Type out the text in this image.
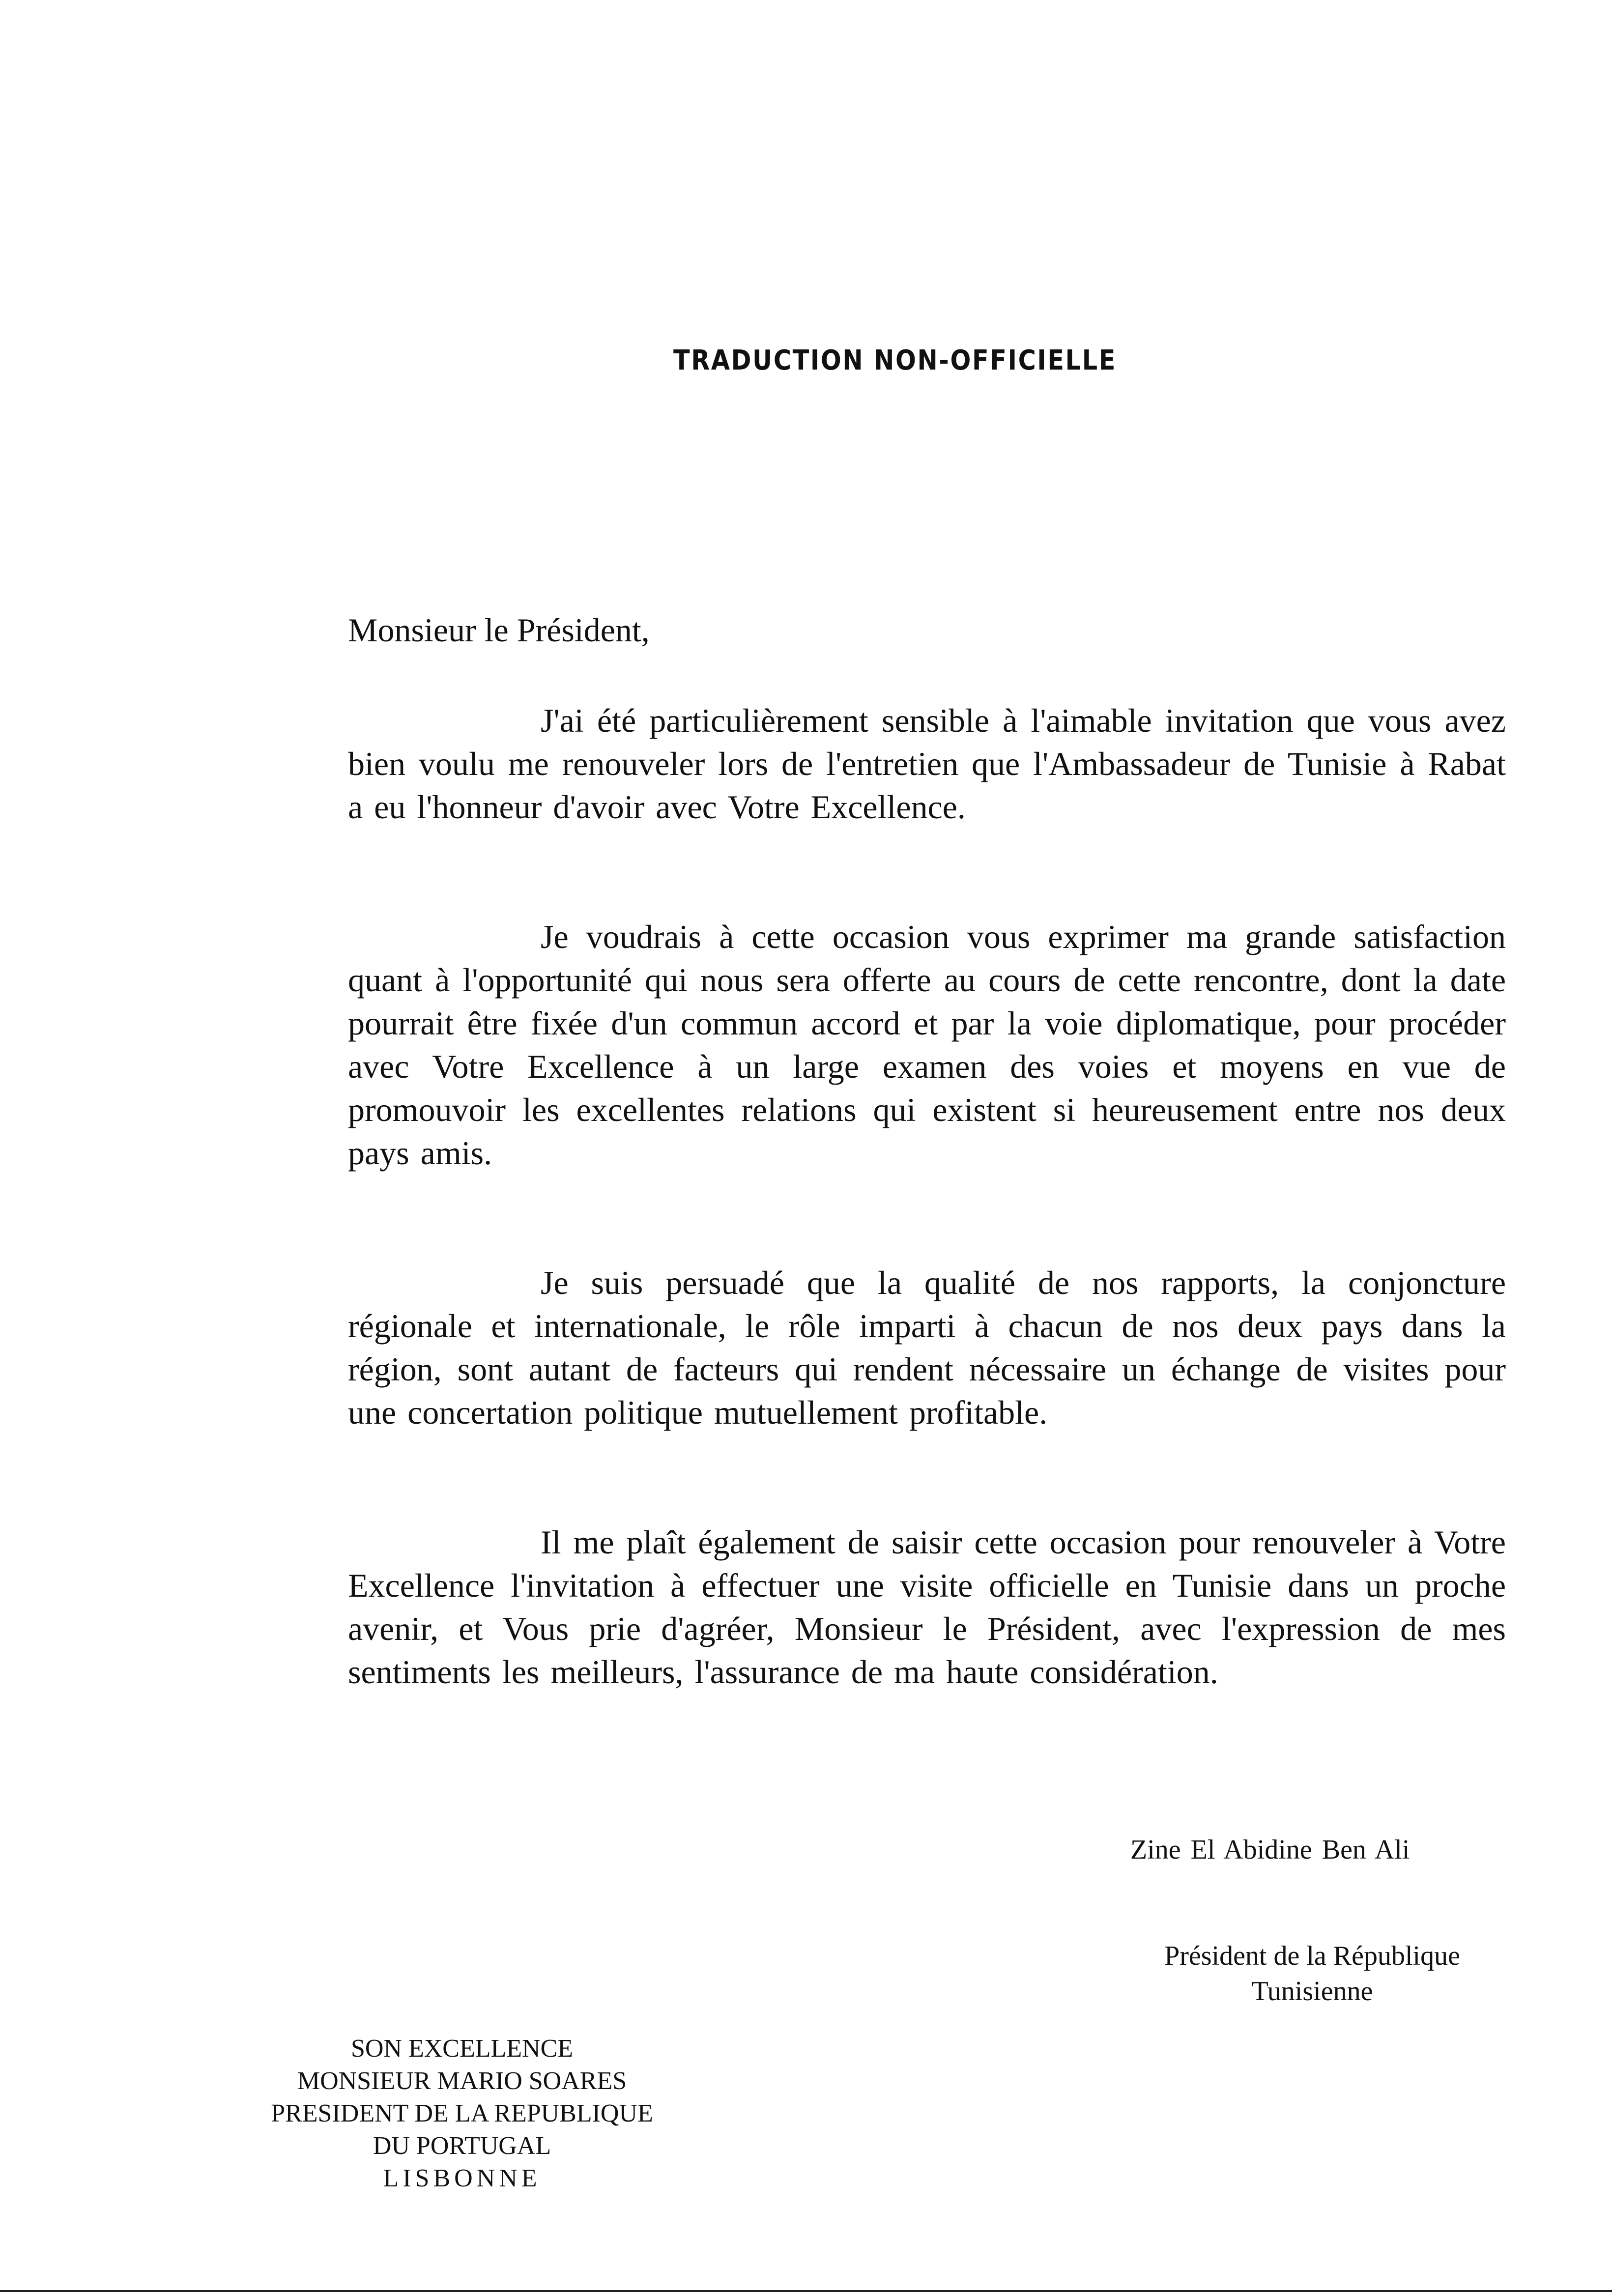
TRADUCTION NON-OFFICIELLE
Monsieur le Président,

J'ai été particulièrement sensible à l'aimable invitation que vous avez bien voulu me renouveler lors de l'entretien que l'Ambassadeur de Tunisie à Rabat a eu l'honneur d'avoir avec Votre Excellence.

Je voudrais à cette occasion vous exprimer ma grande satisfaction quant à l'opportunité qui nous sera offerte au cours de cette rencontre, dont la date pourrait être fixée d'un commun accord et par la voie diplomatique, pour procéder avec Votre Excellence à un large examen des voies et moyens en vue de promouvoir les excellentes relations qui existent si heureusement entre nos deux pays amis.

Je suis persuadé que la qualité de nos rapports, la conjoncture régionale et internationale, le rôle imparti à chacun de nos deux pays dans la région, sont autant de facteurs qui rendent nécessaire un échange de visites pour une concertation politique mutuellement profitable.

Il me plaît également de saisir cette occasion pour renouveler à Votre Excellence l'invitation à effectuer une visite officielle en Tunisie dans un proche avenir, et Vous prie d'agréer, Monsieur le Président, avec l'expression de mes sentiments les meilleurs, l'assurance de ma haute considération.

Zine El Abidine Ben Ali
Président de la République
Tunisienne
SON EXCELLENCE
MONSIEUR MARIO SOARES
PRESIDENT DE LA REPUBLIQUE
DU PORTUGAL
LISBONNE
